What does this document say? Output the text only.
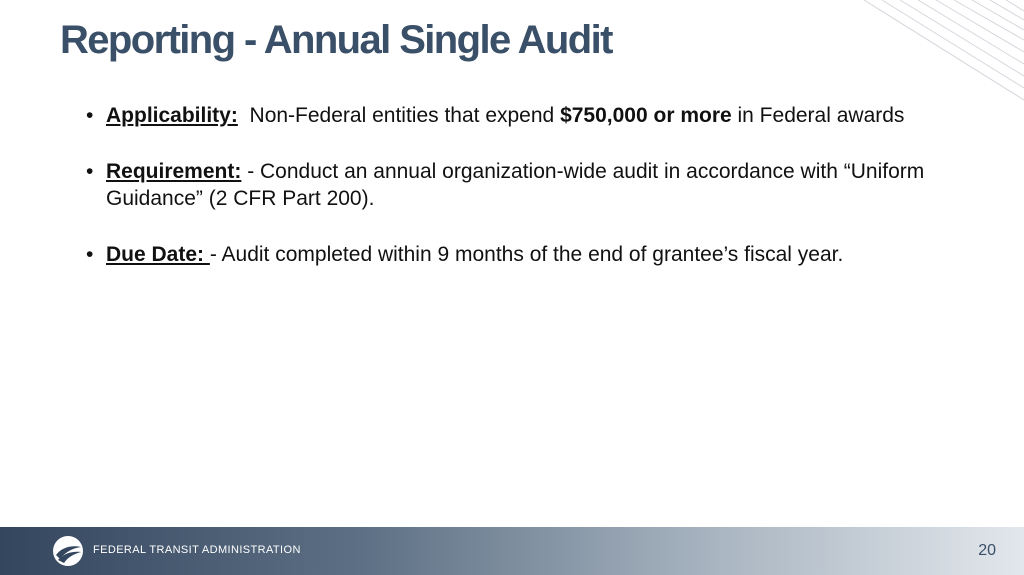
Reporting - Annual Single Audit
• Applicability:  Non-Federal entities that expend $750,000 or more in Federal awards
• Requirement: - Conduct an annual organization-wide audit in accordance with “Uniform Guidance” (2 CFR Part 200).
• Due Date: - Audit completed within 9 months of the end of grantee’s fiscal year.
FEDERAL TRANSIT ADMINISTRATION	20
